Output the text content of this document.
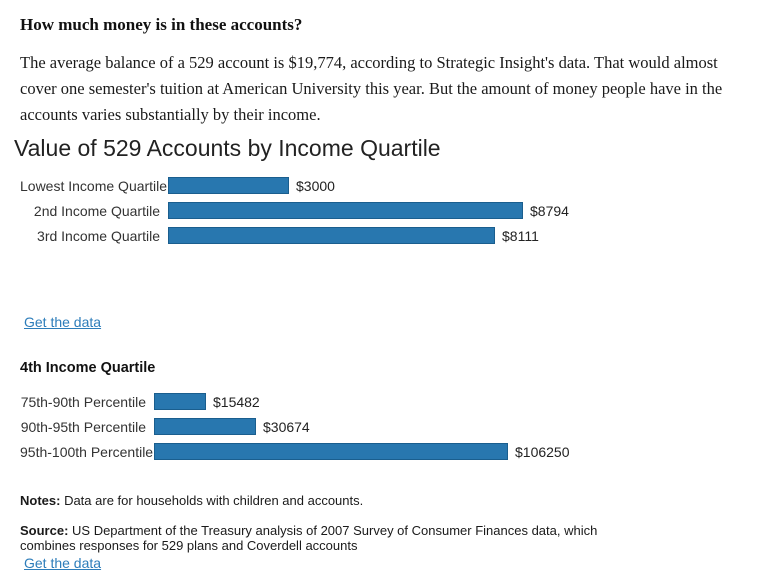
How much money is in these accounts?

The average balance of a 529 account is $19,774, according to Strategic Insight's data. That would almost cover one semester's tuition at American University this year. But the amount of money people have in the accounts varies substantially by their income.

Value of 529 Accounts by Income Quartile
Lowest Income Quartile	$3000
2nd Income Quartile	$8794
3rd Income Quartile	$8111
Get the data
4th Income Quartile
75th-90th Percentile	$15482
90th-95th Percentile	$30674
95th-100th Percentile	$106250

Notes: Data are for households with children and accounts.

Source: US Department of the Treasury analysis of 2007 Survey of Consumer Finances data, which combines responses for 529 plans and Coverdell accounts

Get the data
